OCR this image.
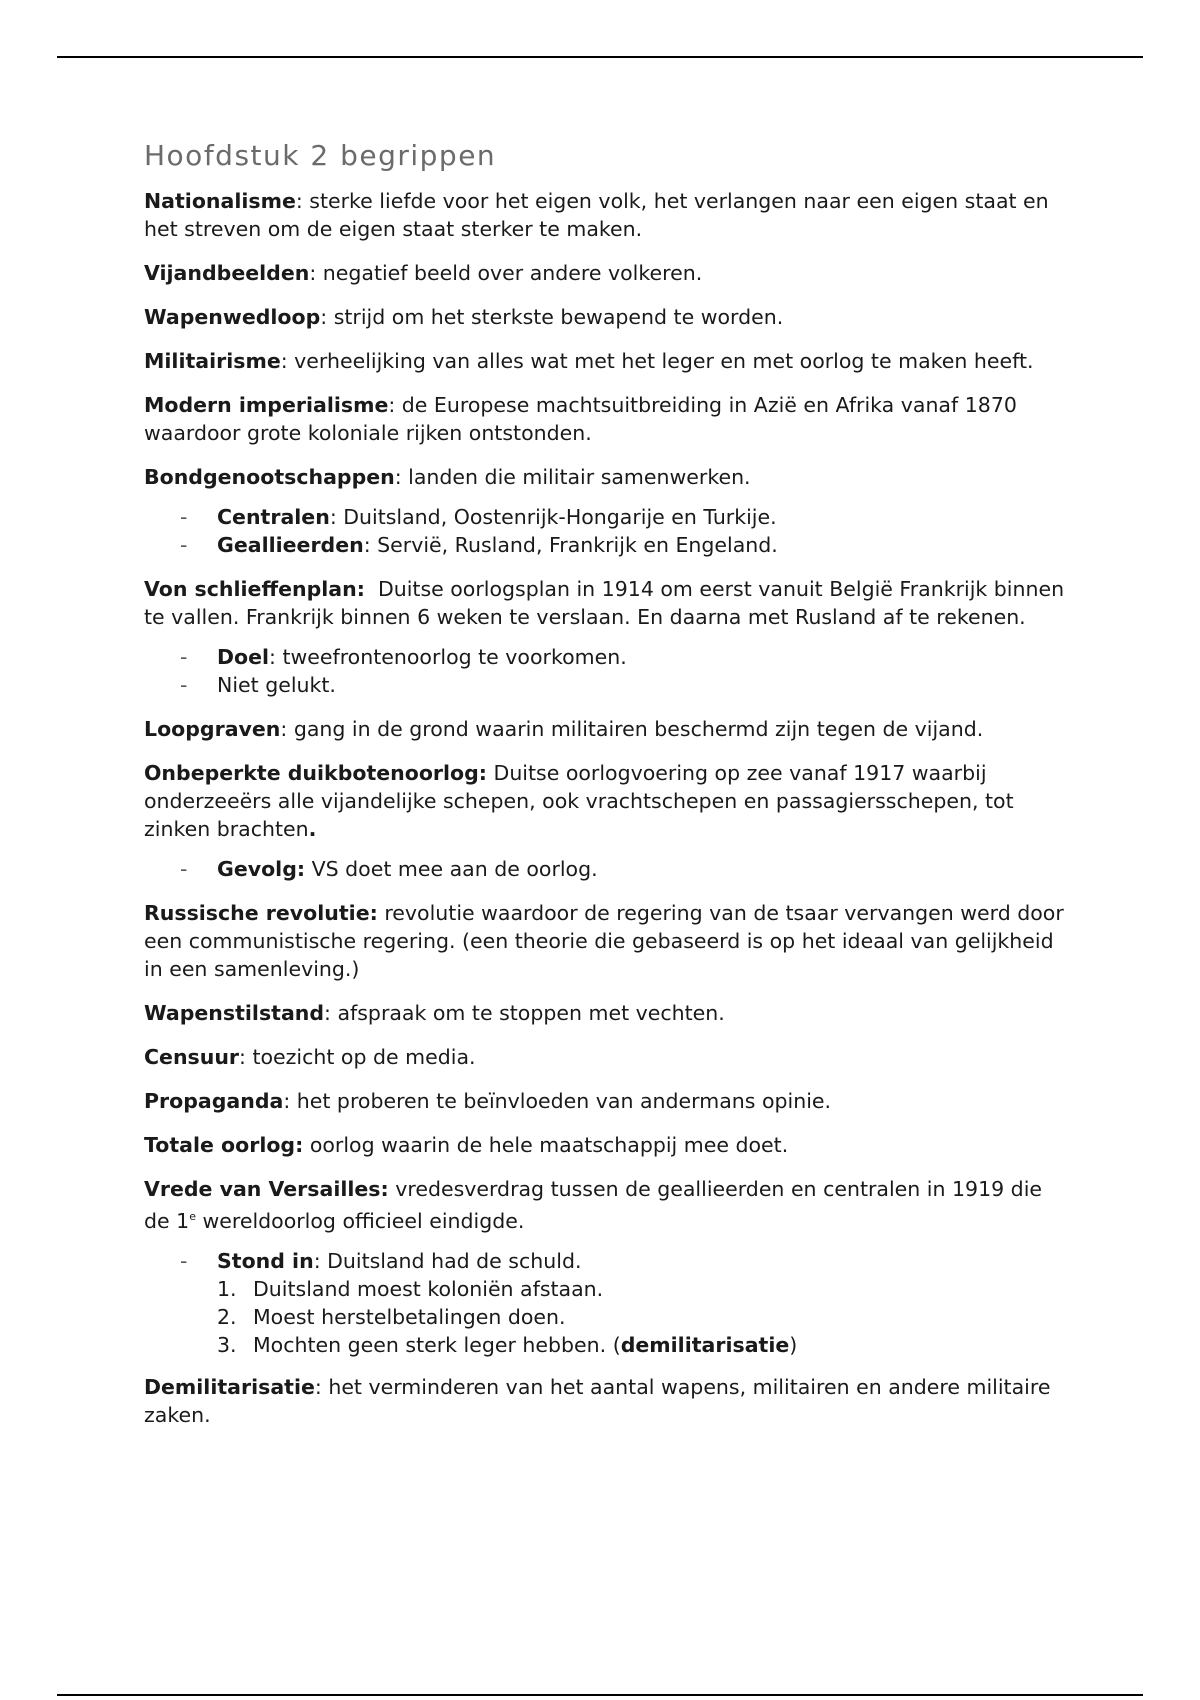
Hoofdstuk 2 begrippen

Nationalisme: sterke liefde voor het eigen volk, het verlangen naar een eigen staat en het streven om de eigen staat sterker te maken.

Vijandbeelden: negatief beeld over andere volkeren.

Wapenwedloop: strijd om het sterkste bewapend te worden.

Militairisme: verheelijking van alles wat met het leger en met oorlog te maken heeft.

Modern imperialisme: de Europese machtsuitbreiding in Azië en Afrika vanaf 1870 waardoor grote koloniale rijken ontstonden.

Bondgenootschappen: landen die militair samenwerken.

- Centralen: Duitsland, Oostenrijk-Hongarije en Turkije.
- Geallieerden: Servië, Rusland, Frankrijk en Engeland.

Von schlieffenplan:  Duitse oorlogsplan in 1914 om eerst vanuit België Frankrijk binnen te vallen. Frankrijk binnen 6 weken te verslaan. En daarna met Rusland af te rekenen.

- Doel: tweefrontenoorlog te voorkomen.
- Niet gelukt.

Loopgraven: gang in de grond waarin militairen beschermd zijn tegen de vijand.

Onbeperkte duikbotenoorlog: Duitse oorlogvoering op zee vanaf 1917 waarbij onderzeeërs alle vijandelijke schepen, ook vrachtschepen en passagiersschepen, tot zinken brachten.

- Gevolg: VS doet mee aan de oorlog.

Russische revolutie: revolutie waardoor de regering van de tsaar vervangen werd door een communistische regering. (een theorie die gebaseerd is op het ideaal van gelijkheid in een samenleving.)

Wapenstilstand: afspraak om te stoppen met vechten.

Censuur: toezicht op de media.

Propaganda: het proberen te beïnvloeden van andermans opinie.

Totale oorlog: oorlog waarin de hele maatschappij mee doet.

Vrede van Versailles: vredesverdrag tussen de geallieerden en centralen in 1919 die de 1e wereldoorlog officieel eindigde.

- Stond in: Duitsland had de schuld.
1. Duitsland moest koloniën afstaan.
2. Moest herstelbetalingen doen.
3. Mochten geen sterk leger hebben. (demilitarisatie)

Demilitarisatie: het verminderen van het aantal wapens, militairen en andere militaire zaken.
